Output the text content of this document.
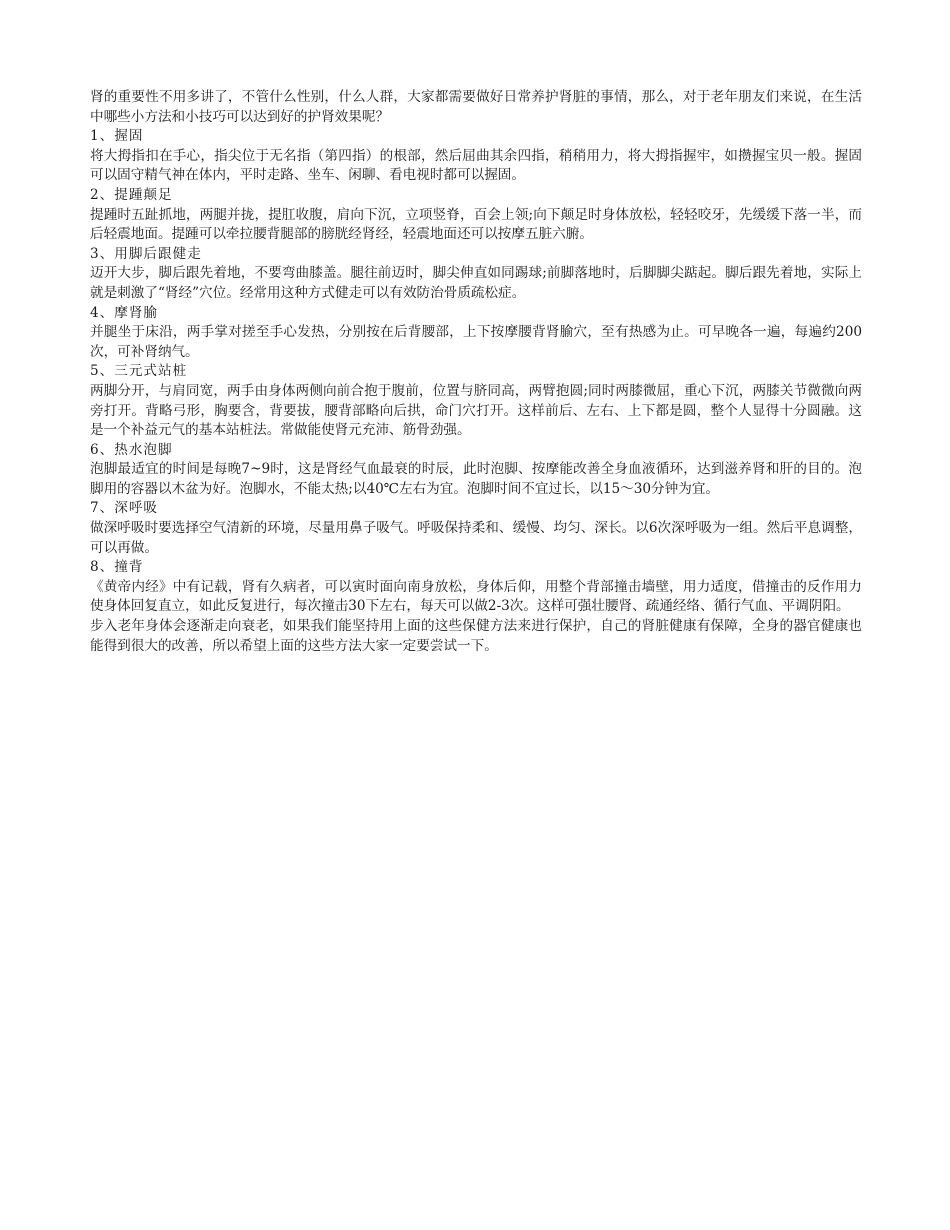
肾的重要性不用多讲了，不管什么性别，什么人群，大家都需要做好日常养护肾脏的事情，那么，对于老年朋友们来说，在生活中哪些小方法和小技巧可以达到好的护肾效果呢？

1、握固

将大拇指扣在手心，指尖位于无名指（第四指）的根部，然后屈曲其余四指，稍稍用力，将大拇指握牢，如攒握宝贝一般。握固可以固守精气神在体内，平时走路、坐车、闲聊、看电视时都可以握固。

2、提踵颠足

提踵时五趾抓地，两腿并拢，提肛收腹，肩向下沉，立项竖脊，百会上领;向下颠足时身体放松，轻轻咬牙，先缓缓下落一半，而后轻震地面。提踵可以牵拉腰背腿部的膀胱经肾经，轻震地面还可以按摩五脏六腑。

3、用脚后跟健走

迈开大步，脚后跟先着地，不要弯曲膝盖。腿往前迈时，脚尖伸直如同踢球;前脚落地时，后脚脚尖踮起。脚后跟先着地，实际上就是刺激了“肾经”穴位。经常用这种方式健走可以有效防治骨质疏松症。

4、摩肾腧

并腿坐于床沿，两手掌对搓至手心发热，分别按在后背腰部，上下按摩腰背肾腧穴，至有热感为止。可早晚各一遍，每遍约200次，可补肾纳气。

5、三元式站桩

两脚分开，与肩同宽，两手由身体两侧向前合抱于腹前，位置与脐同高，两臂抱圆;同时两膝微屈，重心下沉，两膝关节微微向两旁打开。背略弓形，胸要含，背要拔，腰背部略向后拱，命门穴打开。这样前后、左右、上下都是圆，整个人显得十分圆融。这是一个补益元气的基本站桩法。常做能使肾元充沛、筋骨劲强。

6、热水泡脚

泡脚最适宜的时间是每晚7~9时，这是肾经气血最衰的时辰，此时泡脚、按摩能改善全身血液循环，达到滋养肾和肝的目的。泡脚用的容器以木盆为好。泡脚水，不能太热;以40℃左右为宜。泡脚时间不宜过长，以15～30分钟为宜。

7、深呼吸

做深呼吸时要选择空气清新的环境，尽量用鼻子吸气。呼吸保持柔和、缓慢、均匀、深长。以6次深呼吸为一组。然后平息调整，可以再做。

8、撞背

《黄帝内经》中有记载，肾有久病者，可以寅时面向南身放松，身体后仰，用整个背部撞击墙壁，用力适度，借撞击的反作用力使身体回复直立，如此反复进行，每次撞击30下左右，每天可以做2-3次。这样可强壮腰肾、疏通经络、循行气血、平调阴阳。

步入老年身体会逐渐走向衰老，如果我们能坚持用上面的这些保健方法来进行保护，自己的肾脏健康有保障，全身的器官健康也能得到很大的改善，所以希望上面的这些方法大家一定要尝试一下。
